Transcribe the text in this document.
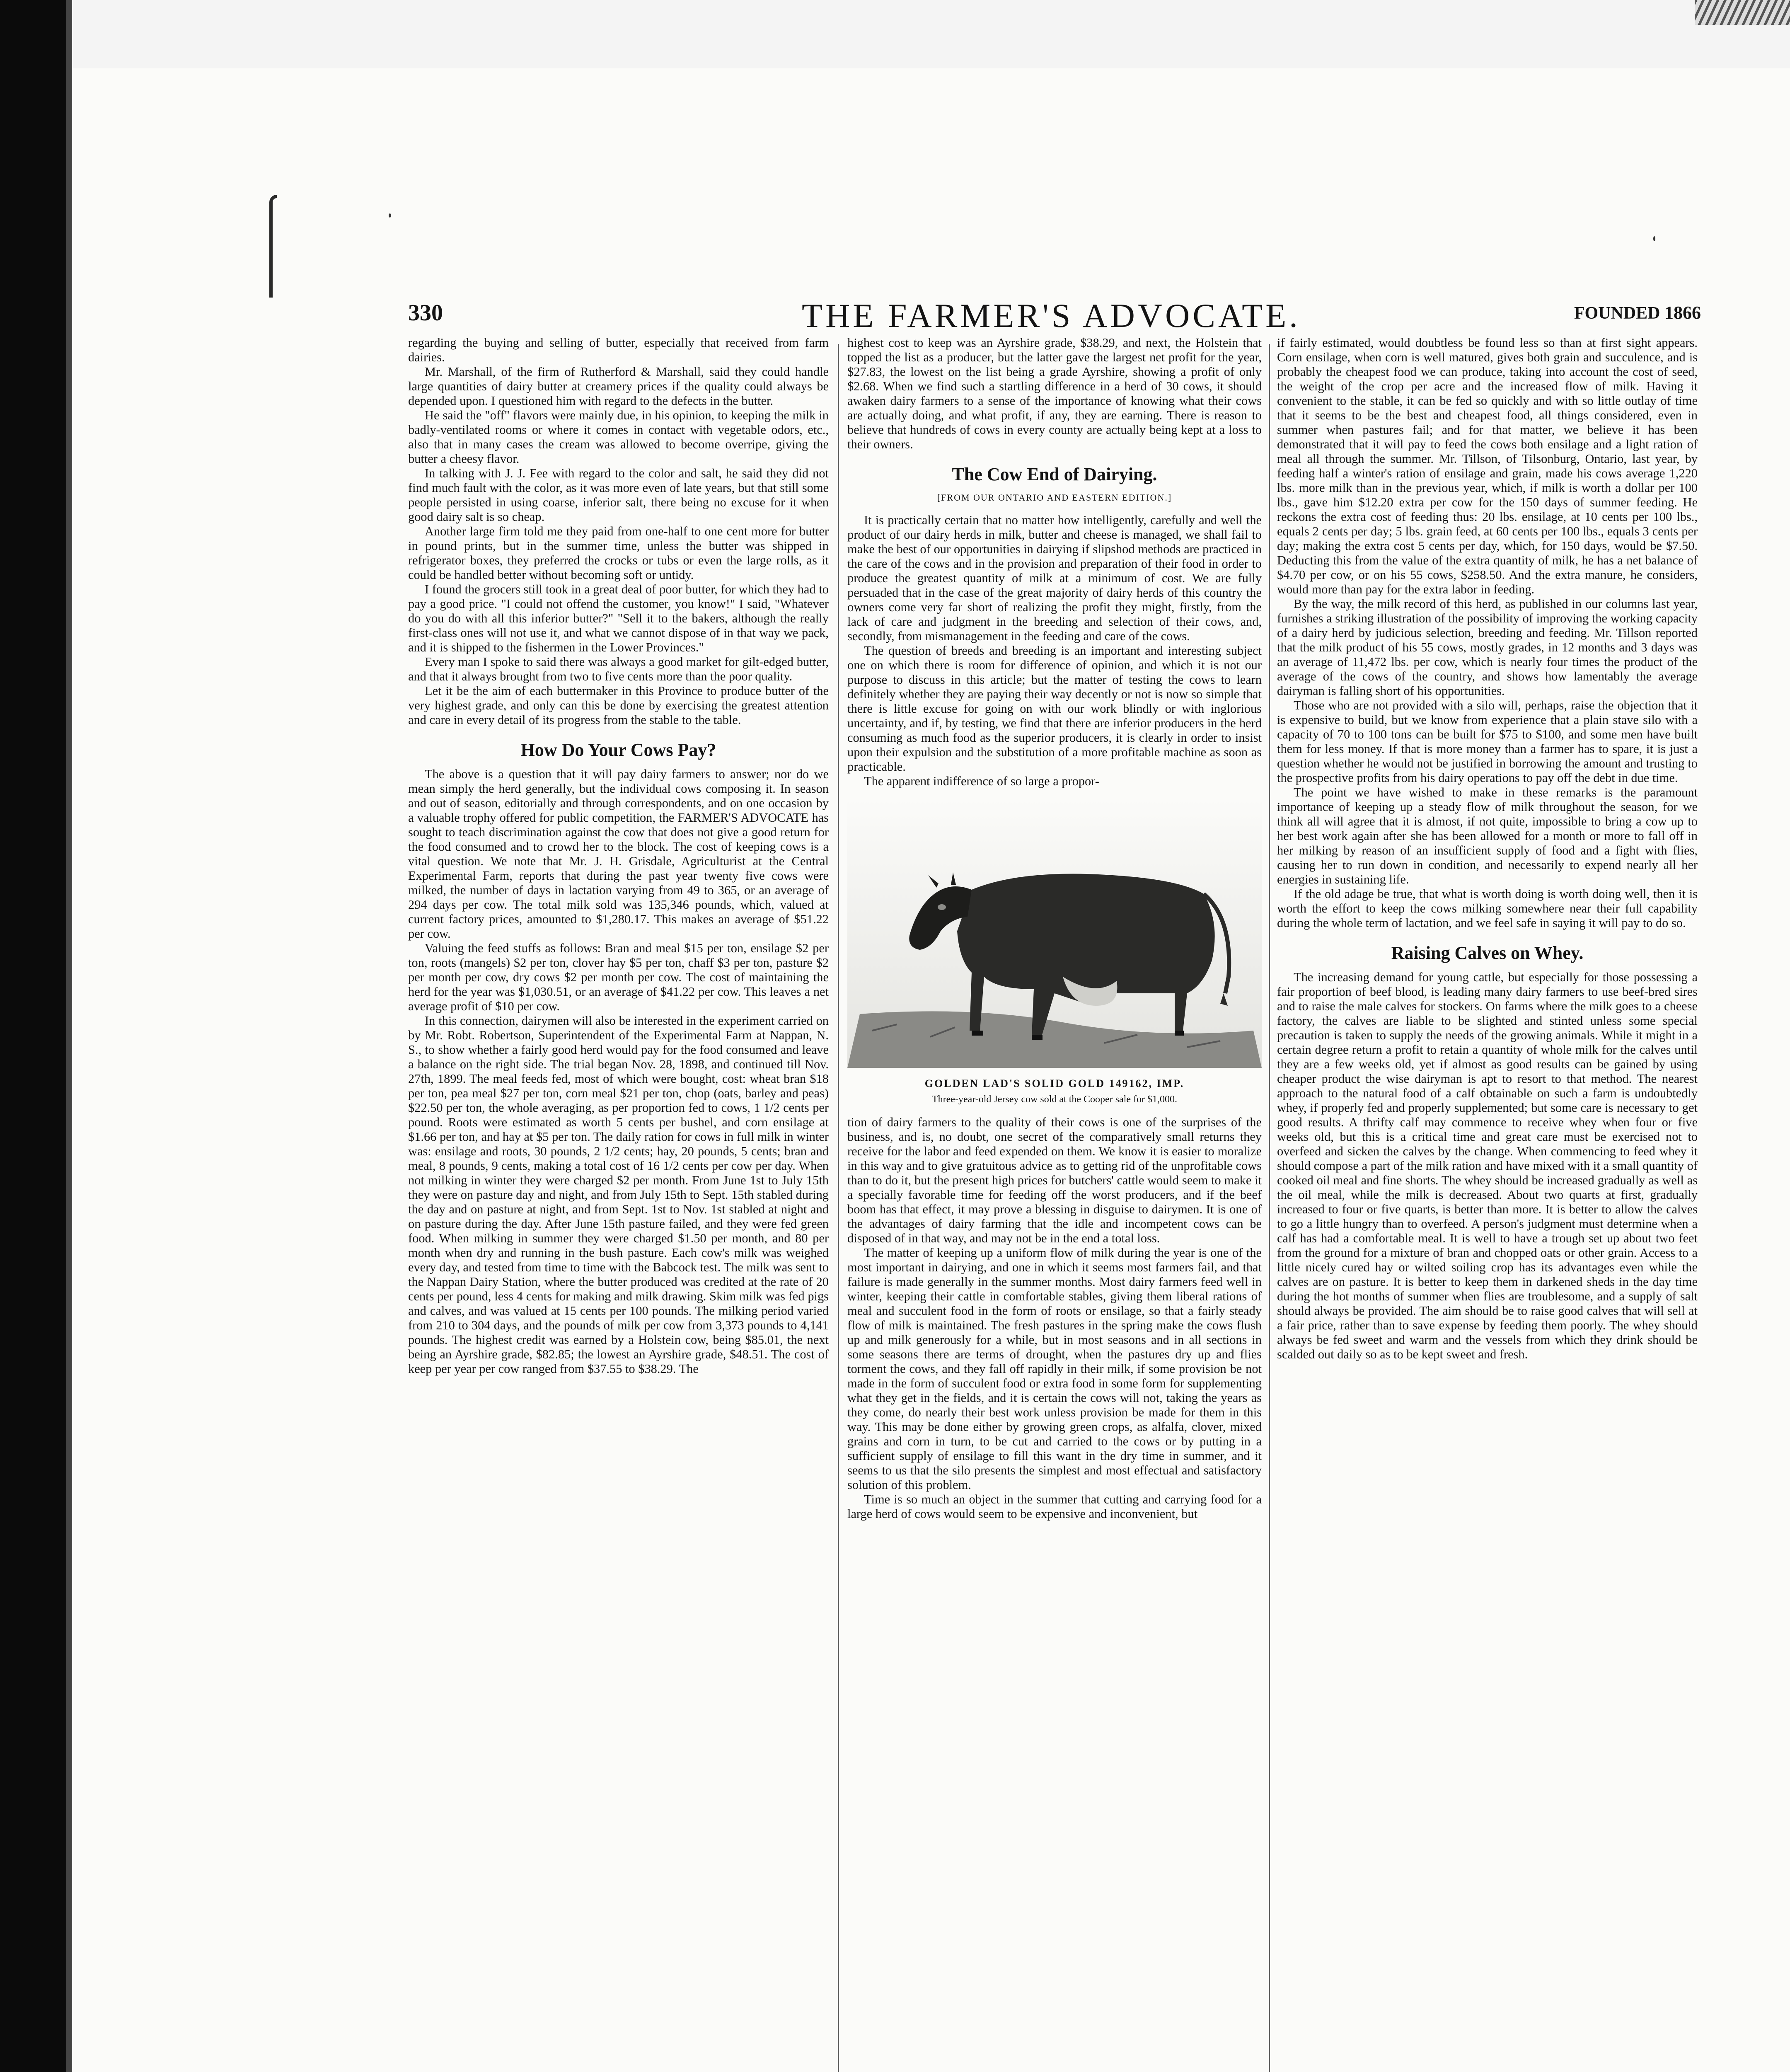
330	THE FARMER'S ADVOCATE.	FOUNDED 1866

regarding the buying and selling of butter, especially that received from farm dairies.

Mr. Marshall, of the firm of Rutherford & Marshall, said they could handle large quantities of dairy butter at creamery prices if the quality could always be depended upon. I questioned him with regard to the defects in the butter.

He said the "off" flavors were mainly due, in his opinion, to keeping the milk in badly-ventilated rooms or where it comes in contact with vegetable odors, etc., also that in many cases the cream was allowed to become overripe, giving the butter a cheesy flavor.

In talking with J. J. Fee with regard to the color and salt, he said they did not find much fault with the color, as it was more even of late years, but that still some people persisted in using coarse, inferior salt, there being no excuse for it when good dairy salt is so cheap.

Another large firm told me they paid from one-half to one cent more for butter in pound prints, but in the summer time, unless the butter was shipped in refrigerator boxes, they preferred the crocks or tubs or even the large rolls, as it could be handled better without becoming soft or untidy.

I found the grocers still took in a great deal of poor butter, for which they had to pay a good price. "I could not offend the customer, you know!" I said, "Whatever do you do with all this inferior butter?" "Sell it to the bakers, although the really first-class ones will not use it, and what we cannot dispose of in that way we pack, and it is shipped to the fishermen in the Lower Provinces."

Every man I spoke to said there was always a good market for gilt-edged butter, and that it always brought from two to five cents more than the poor quality.

Let it be the aim of each buttermaker in this Province to produce butter of the very highest grade, and only can this be done by exercising the greatest attention and care in every detail of its progress from the stable to the table.

How Do Your Cows Pay?

The above is a question that it will pay dairy farmers to answer; nor do we mean simply the herd generally, but the individual cows composing it. In season and out of season, editorially and through correspondents, and on one occasion by a valuable trophy offered for public competition, the FARMER'S ADVOCATE has sought to teach discrimination against the cow that does not give a good return for the food consumed and to crowd her to the block. The cost of keeping cows is a vital question. We note that Mr. J. H. Grisdale, Agriculturist at the Central Experimental Farm, reports that during the past year twenty five cows were milked, the number of days in lactation varying from 49 to 365, or an average of 294 days per cow. The total milk sold was 135,346 pounds, which, valued at current factory prices, amounted to $1,280.17. This makes an average of $51.22 per cow.

Valuing the feed stuffs as follows: Bran and meal $15 per ton, ensilage $2 per ton, roots (mangels) $2 per ton, clover hay $5 per ton, chaff $3 per ton, pasture $2 per month per cow, dry cows $2 per month per cow. The cost of maintaining the herd for the year was $1,030.51, or an average of $41.22 per cow. This leaves a net average profit of $10 per cow.

In this connection, dairymen will also be interested in the experiment carried on by Mr. Robt. Robertson, Superintendent of the Experimental Farm at Nappan, N. S., to show whether a fairly good herd would pay for the food consumed and leave a balance on the right side. The trial began Nov. 28, 1898, and continued till Nov. 27th, 1899. The meal feeds fed, most of which were bought, cost: wheat bran $18 per ton, pea meal $27 per ton, corn meal $21 per ton, chop (oats, barley and peas) $22.50 per ton, the whole averaging, as per proportion fed to cows, 1 1/2 cents per pound. Roots were estimated as worth 5 cents per bushel, and corn ensilage at $1.66 per ton, and hay at $5 per ton. The daily ration for cows in full milk in winter was: ensilage and roots, 30 pounds, 2 1/2 cents; hay, 20 pounds, 5 cents; bran and meal, 8 pounds, 9 cents, making a total cost of 16 1/2 cents per cow per day. When not milking in winter they were charged $2 per month. From June 1st to July 15th they were on pasture day and night, and from July 15th to Sept. 15th stabled during the day and on pasture at night, and from Sept. 1st to Nov. 1st stabled at night and on pasture during the day. After June 15th pasture failed, and they were fed green food. When milking in summer they were charged $1.50 per month, and 80 per month when dry and running in the bush pasture. Each cow's milk was weighed every day, and tested from time to time with the Babcock test. The milk was sent to the Nappan Dairy Station, where the butter produced was credited at the rate of 20 cents per pound, less 4 cents for making and milk drawing. Skim milk was fed pigs and calves, and was valued at 15 cents per 100 pounds. The milking period varied from 210 to 304 days, and the pounds of milk per cow from 3,373 pounds to 4,141 pounds. The highest credit was earned by a Holstein cow, being $85.01, the next being an Ayrshire grade, $82.85; the lowest an Ayrshire grade, $48.51. The cost of keep per year per cow ranged from $37.55 to $38.29. The

highest cost to keep was an Ayrshire grade, $38.29, and next, the Holstein that topped the list as a producer, but the latter gave the largest net profit for the year, $27.83, the lowest on the list being a grade Ayrshire, showing a profit of only $2.68. When we find such a startling difference in a herd of 30 cows, it should awaken dairy farmers to a sense of the importance of knowing what their cows are actually doing, and what profit, if any, they are earning. There is reason to believe that hundreds of cows in every county are actually being kept at a loss to their owners.

The Cow End of Dairying.
[FROM OUR ONTARIO AND EASTERN EDITION.]

It is practically certain that no matter how intelligently, carefully and well the product of our dairy herds in milk, butter and cheese is managed, we shall fail to make the best of our opportunities in dairying if slipshod methods are practiced in the care of the cows and in the provision and preparation of their food in order to produce the greatest quantity of milk at a minimum of cost. We are fully persuaded that in the case of the great majority of dairy herds of this country the owners come very far short of realizing the profit they might, firstly, from the lack of care and judgment in the breeding and selection of their cows, and, secondly, from mismanagement in the feeding and care of the cows.

The question of breeds and breeding is an important and interesting subject one on which there is room for difference of opinion, and which it is not our purpose to discuss in this article; but the matter of testing the cows to learn definitely whether they are paying their way decently or not is now so simple that there is little excuse for going on with our work blindly or with inglorious uncertainty, and if, by testing, we find that there are inferior producers in the herd consuming as much food as the superior producers, it is clearly in order to insist upon their expulsion and the substitution of a more profitable machine as soon as practicable.

The apparent indifference of so large a propor-

GOLDEN LAD'S SOLID GOLD 149162, IMP.
Three-year-old Jersey cow sold at the Cooper sale for $1,000.

tion of dairy farmers to the quality of their cows is one of the surprises of the business, and is, no doubt, one secret of the comparatively small returns they receive for the labor and feed expended on them. We know it is easier to moralize in this way and to give gratuitous advice as to getting rid of the unprofitable cows than to do it, but the present high prices for butchers' cattle would seem to make it a specially favorable time for feeding off the worst producers, and if the beef boom has that effect, it may prove a blessing in disguise to dairymen. It is one of the advantages of dairy farming that the idle and incompetent cows can be disposed of in that way, and may not be in the end a total loss.

The matter of keeping up a uniform flow of milk during the year is one of the most important in dairying, and one in which it seems most farmers fail, and that failure is made generally in the summer months. Most dairy farmers feed well in winter, keeping their cattle in comfortable stables, giving them liberal rations of meal and succulent food in the form of roots or ensilage, so that a fairly steady flow of milk is maintained. The fresh pastures in the spring make the cows flush up and milk generously for a while, but in most seasons and in all sections in some seasons there are terms of drought, when the pastures dry up and flies torment the cows, and they fall off rapidly in their milk, if some provision be not made in the form of succulent food or extra food in some form for supplementing what they get in the fields, and it is certain the cows will not, taking the years as they come, do nearly their best work unless provision be made for them in this way. This may be done either by growing green crops, as alfalfa, clover, mixed grains and corn in turn, to be cut and carried to the cows or by putting in a sufficient supply of ensilage to fill this want in the dry time in summer, and it seems to us that the silo presents the simplest and most effectual and satisfactory solution of this problem.

Time is so much an object in the summer that cutting and carrying food for a large herd of cows would seem to be expensive and inconvenient, but

if fairly estimated, would doubtless be found less so than at first sight appears. Corn ensilage, when corn is well matured, gives both grain and succulence, and is probably the cheapest food we can produce, taking into account the cost of seed, the weight of the crop per acre and the increased flow of milk. Having it convenient to the stable, it can be fed so quickly and with so little outlay of time that it seems to be the best and cheapest food, all things considered, even in summer when pastures fail; and for that matter, we believe it has been demonstrated that it will pay to feed the cows both ensilage and a light ration of meal all through the summer. Mr. Tillson, of Tilsonburg, Ontario, last year, by feeding half a winter's ration of ensilage and grain, made his cows average 1,220 lbs. more milk than in the previous year, which, if milk is worth a dollar per 100 lbs., gave him $12.20 extra per cow for the 150 days of summer feeding. He reckons the extra cost of feeding thus: 20 lbs. ensilage, at 10 cents per 100 lbs., equals 2 cents per day; 5 lbs. grain feed, at 60 cents per 100 lbs., equals 3 cents per day; making the extra cost 5 cents per day, which, for 150 days, would be $7.50. Deducting this from the value of the extra quantity of milk, he has a net balance of $4.70 per cow, or on his 55 cows, $258.50. And the extra manure, he considers, would more than pay for the extra labor in feeding.

By the way, the milk record of this herd, as published in our columns last year, furnishes a striking illustration of the possibility of improving the working capacity of a dairy herd by judicious selection, breeding and feeding. Mr. Tillson reported that the milk product of his 55 cows, mostly grades, in 12 months and 3 days was an average of 11,472 lbs. per cow, which is nearly four times the product of the average of the cows of the country, and shows how lamentably the average dairyman is falling short of his opportunities.

Those who are not provided with a silo will, perhaps, raise the objection that it is expensive to build, but we know from experience that a plain stave silo with a capacity of 70 to 100 tons can be built for $75 to $100, and some men have built them for less money. If that is more money than a farmer has to spare, it is just a question whether he would not be justified in borrowing the amount and trusting to the prospective profits from his dairy operations to pay off the debt in due time.

The point we have wished to make in these remarks is the paramount importance of keeping up a steady flow of milk throughout the season, for we think all will agree that it is almost, if not quite, impossible to bring a cow up to her best work again after she has been allowed for a month or more to fall off in her milking by reason of an insufficient supply of food and a fight with flies, causing her to run down in condition, and necessarily to expend nearly all her energies in sustaining life.

If the old adage be true, that what is worth doing is worth doing well, then it is worth the effort to keep the cows milking somewhere near their full capability during the whole term of lactation, and we feel safe in saying it will pay to do so.

Raising Calves on Whey.

The increasing demand for young cattle, but especially for those possessing a fair proportion of beef blood, is leading many dairy farmers to use beef-bred sires and to raise the male calves for stockers. On farms where the milk goes to a cheese factory, the calves are liable to be slighted and stinted unless some special precaution is taken to supply the needs of the growing animals. While it might in a certain degree return a profit to retain a quantity of whole milk for the calves until they are a few weeks old, yet if almost as good results can be gained by using cheaper product the wise dairyman is apt to resort to that method. The nearest approach to the natural food of a calf obtainable on such a farm is undoubtedly whey, if properly fed and properly supplemented; but some care is necessary to get good results. A thrifty calf may commence to receive whey when four or five weeks old, but this is a critical time and great care must be exercised not to overfeed and sicken the calves by the change. When commencing to feed whey it should compose a part of the milk ration and have mixed with it a small quantity of cooked oil meal and fine shorts. The whey should be increased gradually as well as the oil meal, while the milk is decreased. About two quarts at first, gradually increased to four or five quarts, is better than more. It is better to allow the calves to go a little hungry than to overfeed. A person's judgment must determine when a calf has had a comfortable meal. It is well to have a trough set up about two feet from the ground for a mixture of bran and chopped oats or other grain. Access to a little nicely cured hay or wilted soiling crop has its advantages even while the calves are on pasture. It is better to keep them in darkened sheds in the day time during the hot months of summer when flies are troublesome, and a supply of salt should always be provided. The aim should be to raise good calves that will sell at a fair price, rather than to save expense by feeding them poorly. The whey should always be fed sweet and warm and the vessels from which they drink should be scalded out daily so as to be kept sweet and fresh.
